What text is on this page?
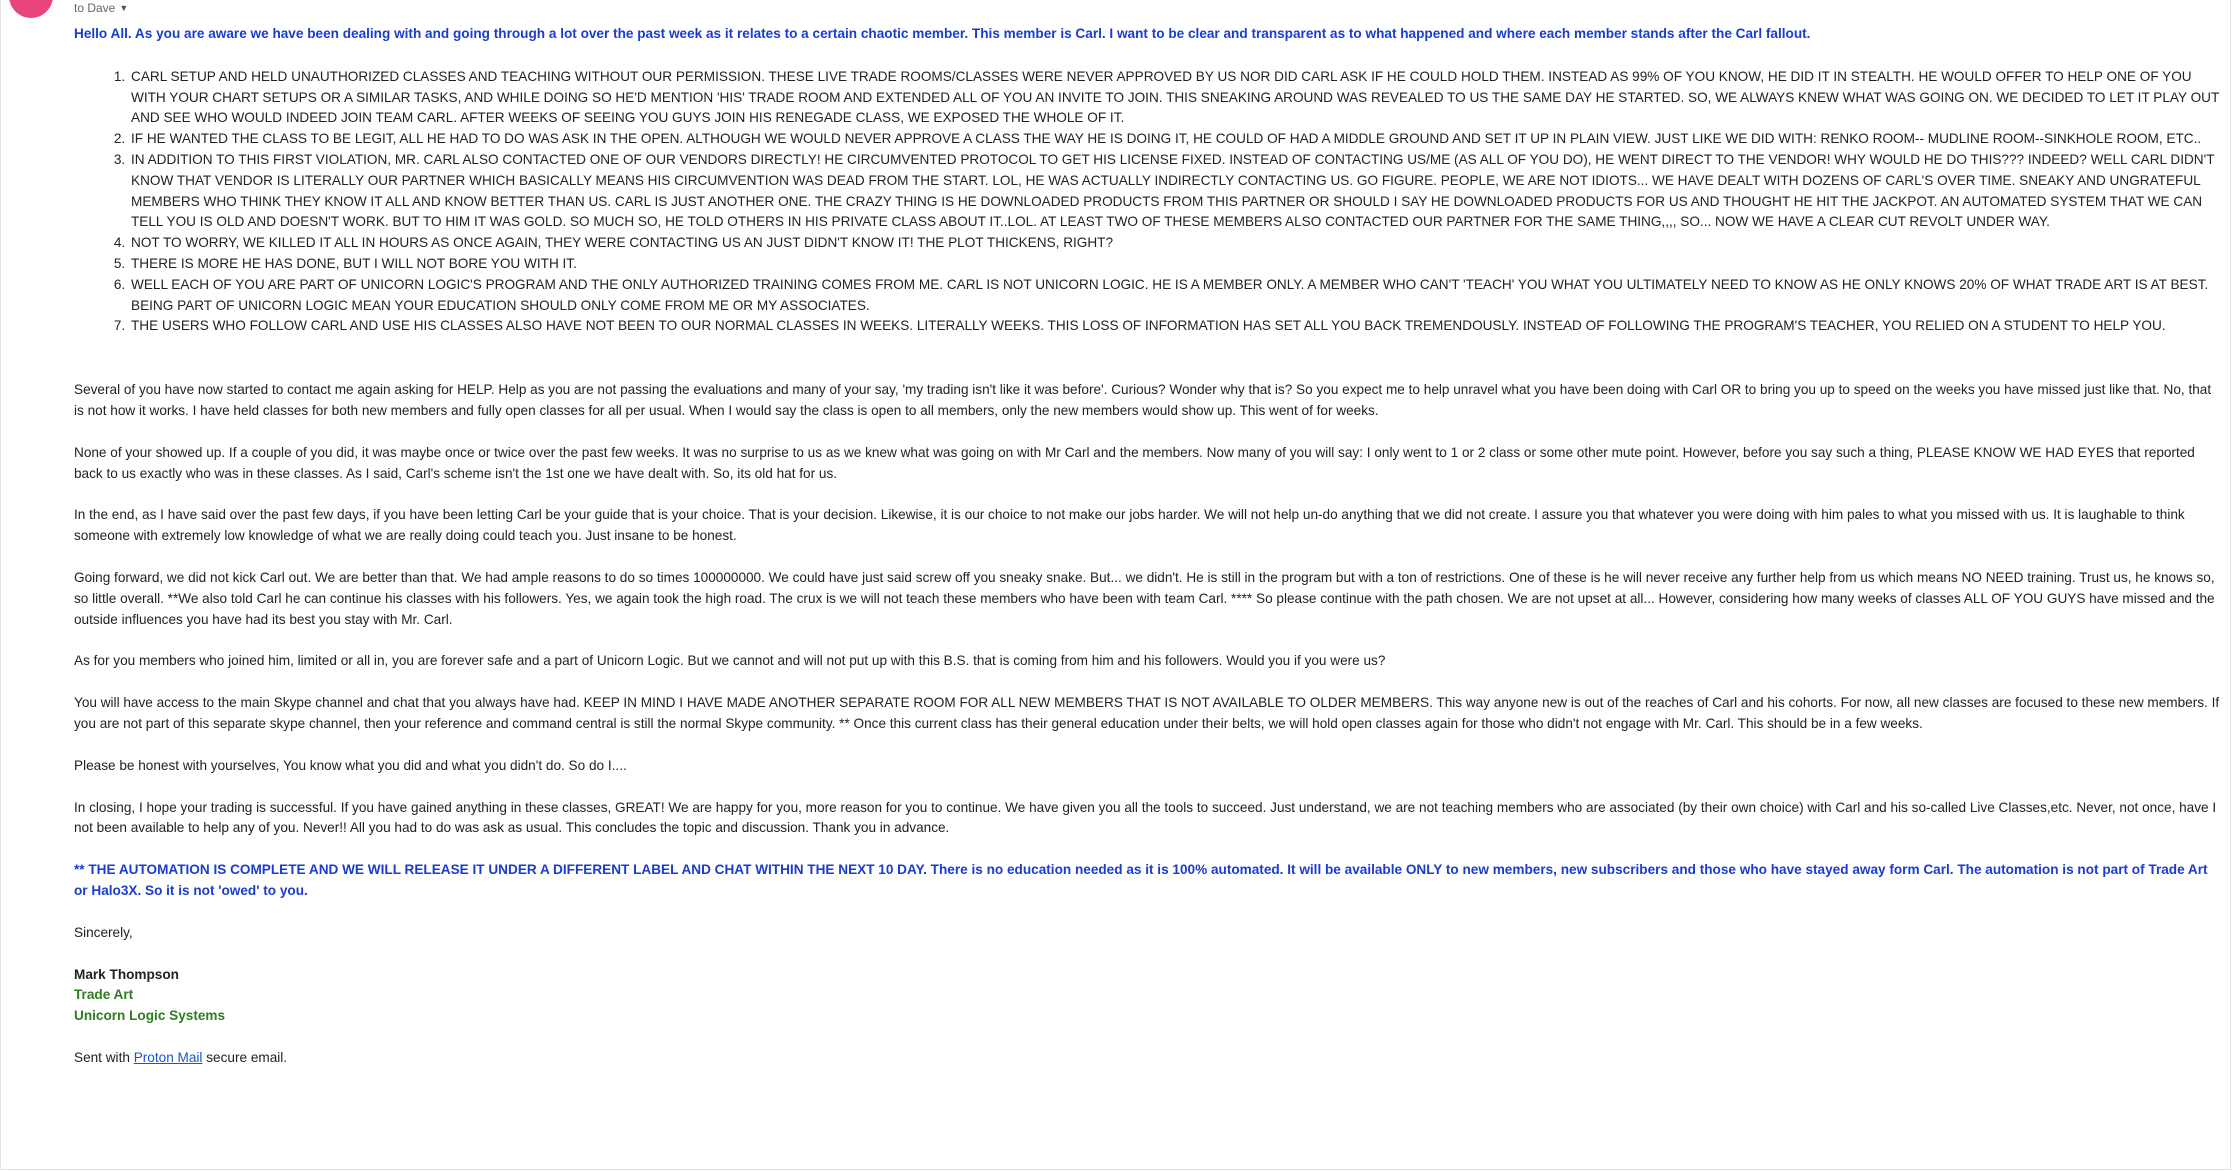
to Dave ▼

Hello All. As you are aware we have been dealing with and going through a lot over the past week as it relates to a certain chaotic member. This member is Carl. I want to be clear and transparent as to what happened and where each member stands after the Carl fallout.

1. CARL SETUP AND HELD UNAUTHORIZED CLASSES AND TEACHING WITHOUT OUR PERMISSION. THESE LIVE TRADE ROOMS/CLASSES WERE NEVER APPROVED BY US NOR DID CARL ASK IF HE COULD HOLD THEM. INSTEAD AS 99% OF YOU KNOW, HE DID IT IN STEALTH. HE WOULD OFFER TO HELP ONE OF YOU WITH YOUR CHART SETUPS OR A SIMILAR TASKS, AND WHILE DOING SO HE'D MENTION 'HIS' TRADE ROOM AND EXTENDED ALL OF YOU AN INVITE TO JOIN. THIS SNEAKING AROUND WAS REVEALED TO US THE SAME DAY HE STARTED. SO, WE ALWAYS KNEW WHAT WAS GOING ON. WE DECIDED TO LET IT PLAY OUT AND SEE WHO WOULD INDEED JOIN TEAM CARL. AFTER WEEKS OF SEEING YOU GUYS JOIN HIS RENEGADE CLASS, WE EXPOSED THE WHOLE OF IT.
2. IF HE WANTED THE CLASS TO BE LEGIT, ALL HE HAD TO DO WAS ASK IN THE OPEN. ALTHOUGH WE WOULD NEVER APPROVE A CLASS THE WAY HE IS DOING IT, HE COULD OF HAD A MIDDLE GROUND AND SET IT UP IN PLAIN VIEW. JUST LIKE WE DID WITH: RENKO ROOM-- MUDLINE ROOM--SINKHOLE ROOM, ETC..
3. IN ADDITION TO THIS FIRST VIOLATION, MR. CARL ALSO CONTACTED ONE OF OUR VENDORS DIRECTLY! HE CIRCUMVENTED PROTOCOL TO GET HIS LICENSE FIXED. INSTEAD OF CONTACTING US/ME (AS ALL OF YOU DO), HE WENT DIRECT TO THE VENDOR! WHY WOULD HE DO THIS??? INDEED? WELL CARL DIDN'T KNOW THAT VENDOR IS LITERALLY OUR PARTNER WHICH BASICALLY MEANS HIS CIRCUMVENTION WAS DEAD FROM THE START. LOL, HE WAS ACTUALLY INDIRECTLY CONTACTING US. GO FIGURE. PEOPLE, WE ARE NOT IDIOTS... WE HAVE DEALT WITH DOZENS OF CARL'S OVER TIME. SNEAKY AND UNGRATEFUL MEMBERS WHO THINK THEY KNOW IT ALL AND KNOW BETTER THAN US. CARL IS JUST ANOTHER ONE. THE CRAZY THING IS HE DOWNLOADED PRODUCTS FROM THIS PARTNER OR SHOULD I SAY HE DOWNLOADED PRODUCTS FOR US AND THOUGHT HE HIT THE JACKPOT. AN AUTOMATED SYSTEM THAT WE CAN TELL YOU IS OLD AND DOESN'T WORK. BUT TO HIM IT WAS GOLD. SO MUCH SO, HE TOLD OTHERS IN HIS PRIVATE CLASS ABOUT IT..LOL. AT LEAST TWO OF THESE MEMBERS ALSO CONTACTED OUR PARTNER FOR THE SAME THING,,,, SO... NOW WE HAVE A CLEAR CUT REVOLT UNDER WAY.
4. NOT TO WORRY, WE KILLED IT ALL IN HOURS AS ONCE AGAIN, THEY WERE CONTACTING US AN JUST DIDN'T KNOW IT! THE PLOT THICKENS, RIGHT?
5. THERE IS MORE HE HAS DONE, BUT I WILL NOT BORE YOU WITH IT.
6. WELL EACH OF YOU ARE PART OF UNICORN LOGIC'S PROGRAM AND THE ONLY AUTHORIZED TRAINING COMES FROM ME. CARL IS NOT UNICORN LOGIC. HE IS A MEMBER ONLY. A MEMBER WHO CAN'T 'TEACH' YOU WHAT YOU ULTIMATELY NEED TO KNOW AS HE ONLY KNOWS 20% OF WHAT TRADE ART IS AT BEST. BEING PART OF UNICORN LOGIC MEAN YOUR EDUCATION SHOULD ONLY COME FROM ME OR MY ASSOCIATES.
7. THE USERS WHO FOLLOW CARL AND USE HIS CLASSES ALSO HAVE NOT BEEN TO OUR NORMAL CLASSES IN WEEKS. LITERALLY WEEKS. THIS LOSS OF INFORMATION HAS SET ALL YOU BACK TREMENDOUSLY. INSTEAD OF FOLLOWING THE PROGRAM'S TEACHER, YOU RELIED ON A STUDENT TO HELP YOU.

Several of you have now started to contact me again asking for HELP. Help as you are not passing the evaluations and many of your say, 'my trading isn't like it was before'. Curious? Wonder why that is? So you expect me to help unravel what you have been doing with Carl OR to bring you up to speed on the weeks you have missed just like that. No, that is not how it works. I have held classes for both new members and fully open classes for all per usual. When I would say the class is open to all members, only the new members would show up. This went of for weeks.

None of your showed up. If a couple of you did, it was maybe once or twice over the past few weeks. It was no surprise to us as we knew what was going on with Mr Carl and the members. Now many of you will say: I only went to 1 or 2 class or some other mute point. However, before you say such a thing, PLEASE KNOW WE HAD EYES that reported back to us exactly who was in these classes. As I said, Carl's scheme isn't the 1st one we have dealt with. So, its old hat for us.

In the end, as I have said over the past few days, if you have been letting Carl be your guide that is your choice. That is your decision. Likewise, it is our choice to not make our jobs harder. We will not help un-do anything that we did not create. I assure you that whatever you were doing with him pales to what you missed with us. It is laughable to think someone with extremely low knowledge of what we are really doing could teach you. Just insane to be honest.

Going forward, we did not kick Carl out. We are better than that. We had ample reasons to do so times 100000000. We could have just said screw off you sneaky snake. But... we didn't. He is still in the program but with a ton of restrictions. One of these is he will never receive any further help from us which means NO NEED training. Trust us, he knows so, so little overall. **We also told Carl he can continue his classes with his followers. Yes, we again took the high road. The crux is we will not teach these members who have been with team Carl. **** So please continue with the path chosen. We are not upset at all... However, considering how many weeks of classes ALL OF YOU GUYS have missed and the outside influences you have had its best you stay with Mr. Carl.

As for you members who joined him, limited or all in, you are forever safe and a part of Unicorn Logic. But we cannot and will not put up with this B.S. that is coming from him and his followers. Would you if you were us?

You will have access to the main Skype channel and chat that you always have had. KEEP IN MIND I HAVE MADE ANOTHER SEPARATE ROOM FOR ALL NEW MEMBERS THAT IS NOT AVAILABLE TO OLDER MEMBERS. This way anyone new is out of the reaches of Carl and his cohorts. For now, all new classes are focused to these new members. If you are not part of this separate skype channel, then your reference and command central is still the normal Skype community. ** Once this current class has their general education under their belts, we will hold open classes again for those who didn't not engage with Mr. Carl. This should be in a few weeks.

Please be honest with yourselves, You know what you did and what you didn't do. So do I....

In closing, I hope your trading is successful. If you have gained anything in these classes, GREAT! We are happy for you, more reason for you to continue. We have given you all the tools to succeed. Just understand, we are not teaching members who are associated (by their own choice) with Carl and his so-called Live Classes,etc. Never, not once, have I not been available to help any of you. Never!! All you had to do was ask as usual. This concludes the topic and discussion. Thank you in advance.

** THE AUTOMATION IS COMPLETE AND WE WILL RELEASE IT UNDER A DIFFERENT LABEL AND CHAT WITHIN THE NEXT 10 DAY. There is no education needed as it is 100% automated. It will be available ONLY to new members, new subscribers and those who have stayed away form Carl. The automation is not part of Trade Art or Halo3X. So it is not 'owed' to you.

Sincerely,

Mark Thompson

Trade Art

Unicorn Logic Systems

Sent with Proton Mail secure email.
